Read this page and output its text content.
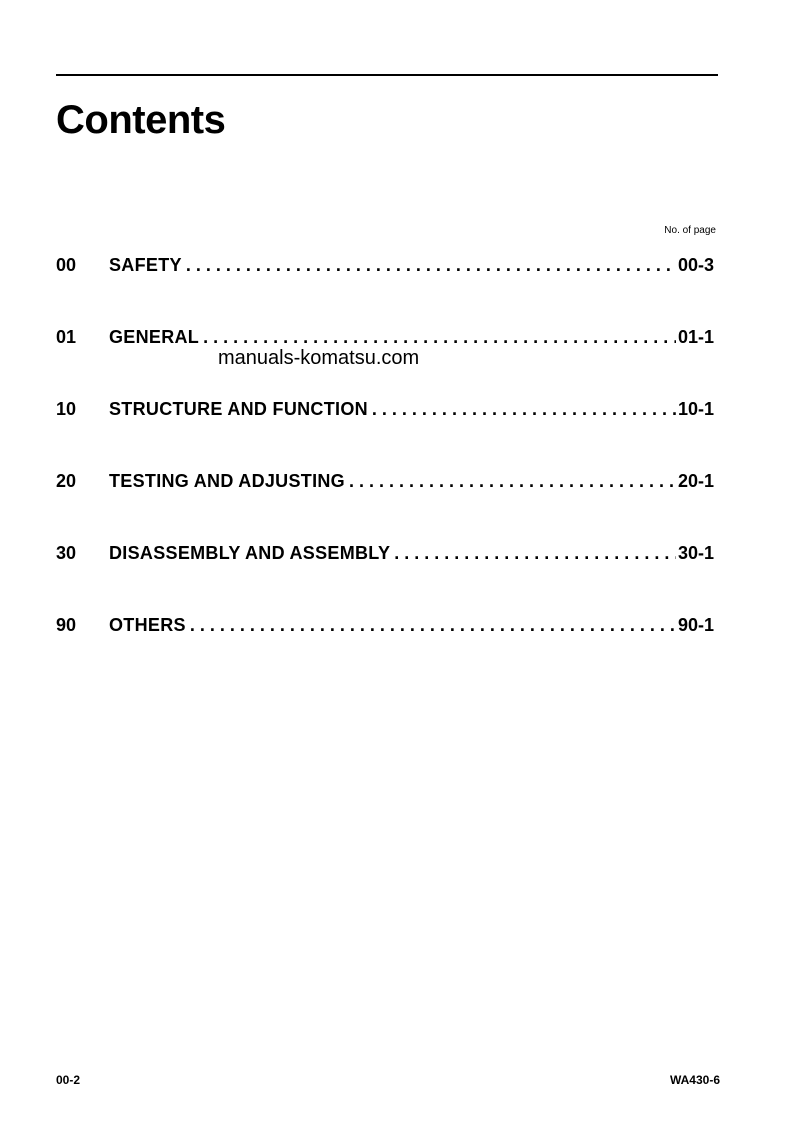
Contents
No. of page
00	SAFETY . . .	00-3
01	GENERAL . . .	01-1
10	STRUCTURE AND FUNCTION . . .	10-1
20	TESTING AND ADJUSTING . . .	20-1
30	DISASSEMBLY AND ASSEMBLY . . .	30-1
90	OTHERS . . .	90-1
manuals-komatsu.com
00-2	WA430-6
